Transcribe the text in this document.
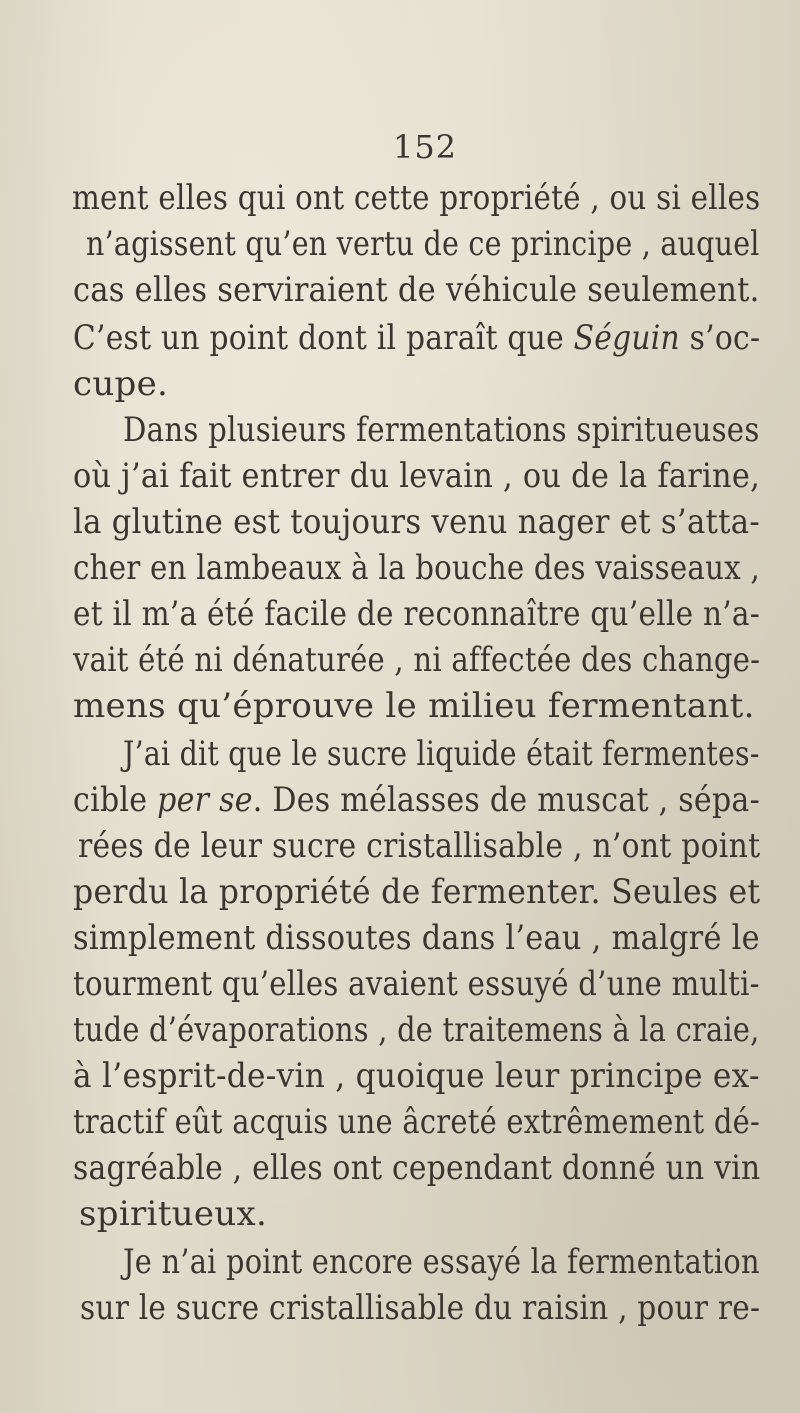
152
ment elles qui ont cette propriété , ou si elles
n’agissent qu’en vertu de ce principe , auquel
cas elles serviraient de véhicule seulement.
C’est un point dont il paraît que Séguin s’oc-
cupe.
Dans plusieurs fermentations spiritueuses
où j’ai fait entrer du levain , ou de la farine,
la glutine est toujours venu nager et s’atta-
cher en lambeaux à la bouche des vaisseaux ,
et il m’a été facile de reconnaître qu’elle n’a-
vait été ni dénaturée , ni affectée des change-
mens qu’éprouve le milieu fermentant.
J’ai dit que le sucre liquide était fermentes-
cible per se. Des mélasses de muscat , sépa-
rées de leur sucre cristallisable , n’ont point
perdu la propriété de fermenter. Seules et
simplement dissoutes dans l’eau , malgré le
tourment qu’elles avaient essuyé d’une multi-
tude d’évaporations , de traitemens à la craie,
à l’esprit-de-vin , quoique leur principe ex-
tractif eût acquis une âcreté extrêmement dé-
sagréable , elles ont cependant donné un vin
spiritueux.
Je n’ai point encore essayé la fermentation
sur le sucre cristallisable du raisin , pour re-
